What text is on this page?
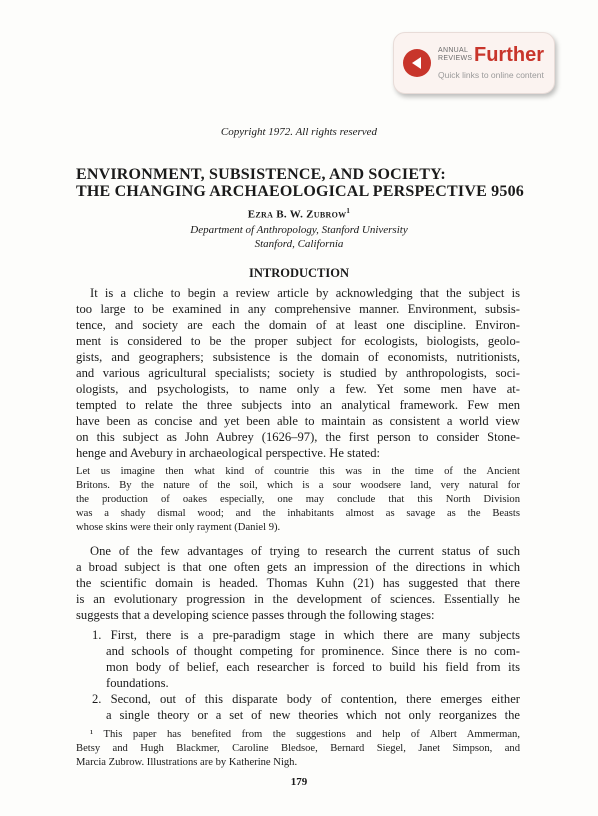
ANNUAL
REVIEWS Further
Quick links to online content
Copyright 1972. All rights reserved
ENVIRONMENT, SUBSISTENCE, AND SOCIETY:
THE CHANGING ARCHAEOLOGICAL PERSPECTIVE 9506
Ezra B. W. Zubrow$^1$
Department of Anthropology, Stanford University
Stanford, California
INTRODUCTION
It is a cliche to begin a review article by acknowledging that the subject is
too large to be examined in any comprehensive manner. Environment, subsis-
tence, and society are each the domain of at least one discipline. Environ-
ment is considered to be the proper subject for ecologists, biologists, geolo-
gists, and geographers; subsistence is the domain of economists, nutritionists,
and various agricultural specialists; society is studied by anthropologists, soci-
ologists, and psychologists, to name only a few. Yet some men have at-
tempted to relate the three subjects into an analytical framework. Few men
have been as concise and yet been able to maintain as consistent a world view
on this subject as John Aubrey (1626–97), the first person to consider Stone-
henge and Avebury in archaeological perspective. He stated:
Let us imagine then what kind of countrie this was in the time of the Ancient
Britons. By the nature of the soil, which is a sour woodsere land, very natural for
the production of oakes especially, one may conclude that this North Division
was a shady dismal wood; and the inhabitants almost as savage as the Beasts
whose skins were their only rayment (Daniel 9).
One of the few advantages of trying to research the current status of such
a broad subject is that one often gets an impression of the directions in which
the scientific domain is headed. Thomas Kuhn (21) has suggested that there
is an evolutionary progression in the development of sciences. Essentially he
suggests that a developing science passes through the following stages:
1. First, there is a pre-paradigm stage in which there are many subjects
and schools of thought competing for prominence. Since there is no com-
mon body of belief, each researcher is forced to build his field from its
foundations.
2. Second, out of this disparate body of contention, there emerges either
a single theory or a set of new theories which not only reorganizes the
¹ This paper has benefited from the suggestions and help of Albert Ammerman,
Betsy and Hugh Blackmer, Caroline Bledsoe, Bernard Siegel, Janet Simpson, and
Marcia Zubrow. Illustrations are by Katherine Nigh.
179
